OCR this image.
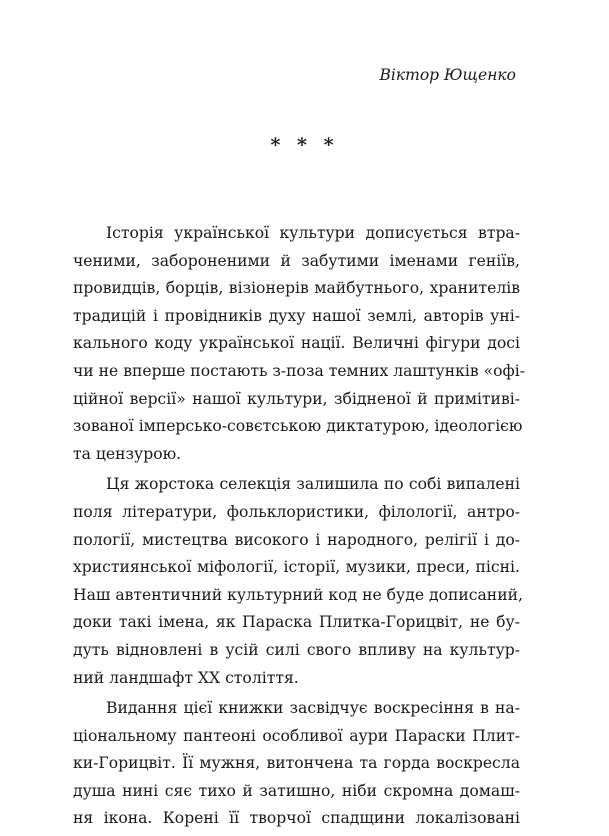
Віктор Ющенко
* * *
Історія української культури дописується втра-
ченими, забороненими й забутими іменами геніїв,
провидців, борців, візіонерів майбутнього, хранителів
традицій і провідників духу нашої землі, авторів уні-
кального коду української нації. Величні фігури досі
чи не вперше постають з-поза темних лаштунків «офі-
ційної версії» нашої культури, збідненої й примітиві-
зованої імперсько-совєтською диктатурою, ідеологією
та цензурою.
Ця жорстока селекція залишила по собі випалені
поля літератури, фольклористики, філології, антро-
пології, мистецтва високого і народного, релігії і до-
християнської міфології, історії, музики, преси, пісні.
Наш автентичний культурний код не буде дописаний,
доки такі імена, як Параска Плитка-Горицвіт, не бу-
дуть відновлені в усій силі свого впливу на культур-
ний ландшафт ХХ століття.
Видання цієї книжки засвідчує воскресіння в на-
ціональному пантеоні особливої аури Параски Плит-
ки-Горицвіт. Її мужня, витончена та горда воскресла
душа нині сяє тихо й затишно, ніби скромна домаш-
ня ікона. Корені її творчої спадщини локалізовані
